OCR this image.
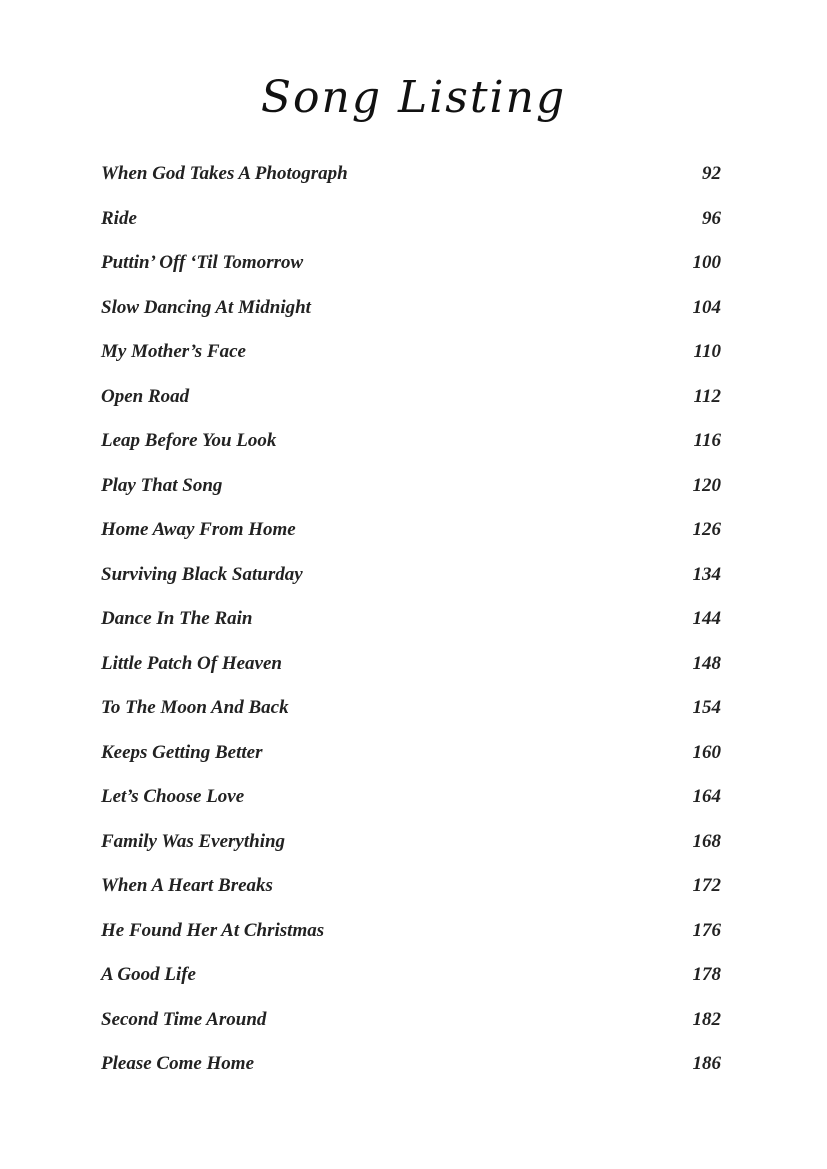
Song Listing
When God Takes A Photograph	92
Ride	96
Puttin’ Off ‘Til Tomorrow	100
Slow Dancing At Midnight	104
My Mother’s Face	110
Open Road	112
Leap Before You Look	116
Play That Song	120
Home Away From Home	126
Surviving Black Saturday	134
Dance In The Rain	144
Little Patch Of Heaven	148
To The Moon And Back	154
Keeps Getting Better	160
Let’s Choose Love	164
Family Was Everything	168
When A Heart Breaks	172
He Found Her At Christmas	176
A Good Life	178
Second Time Around	182
Please Come Home	186
